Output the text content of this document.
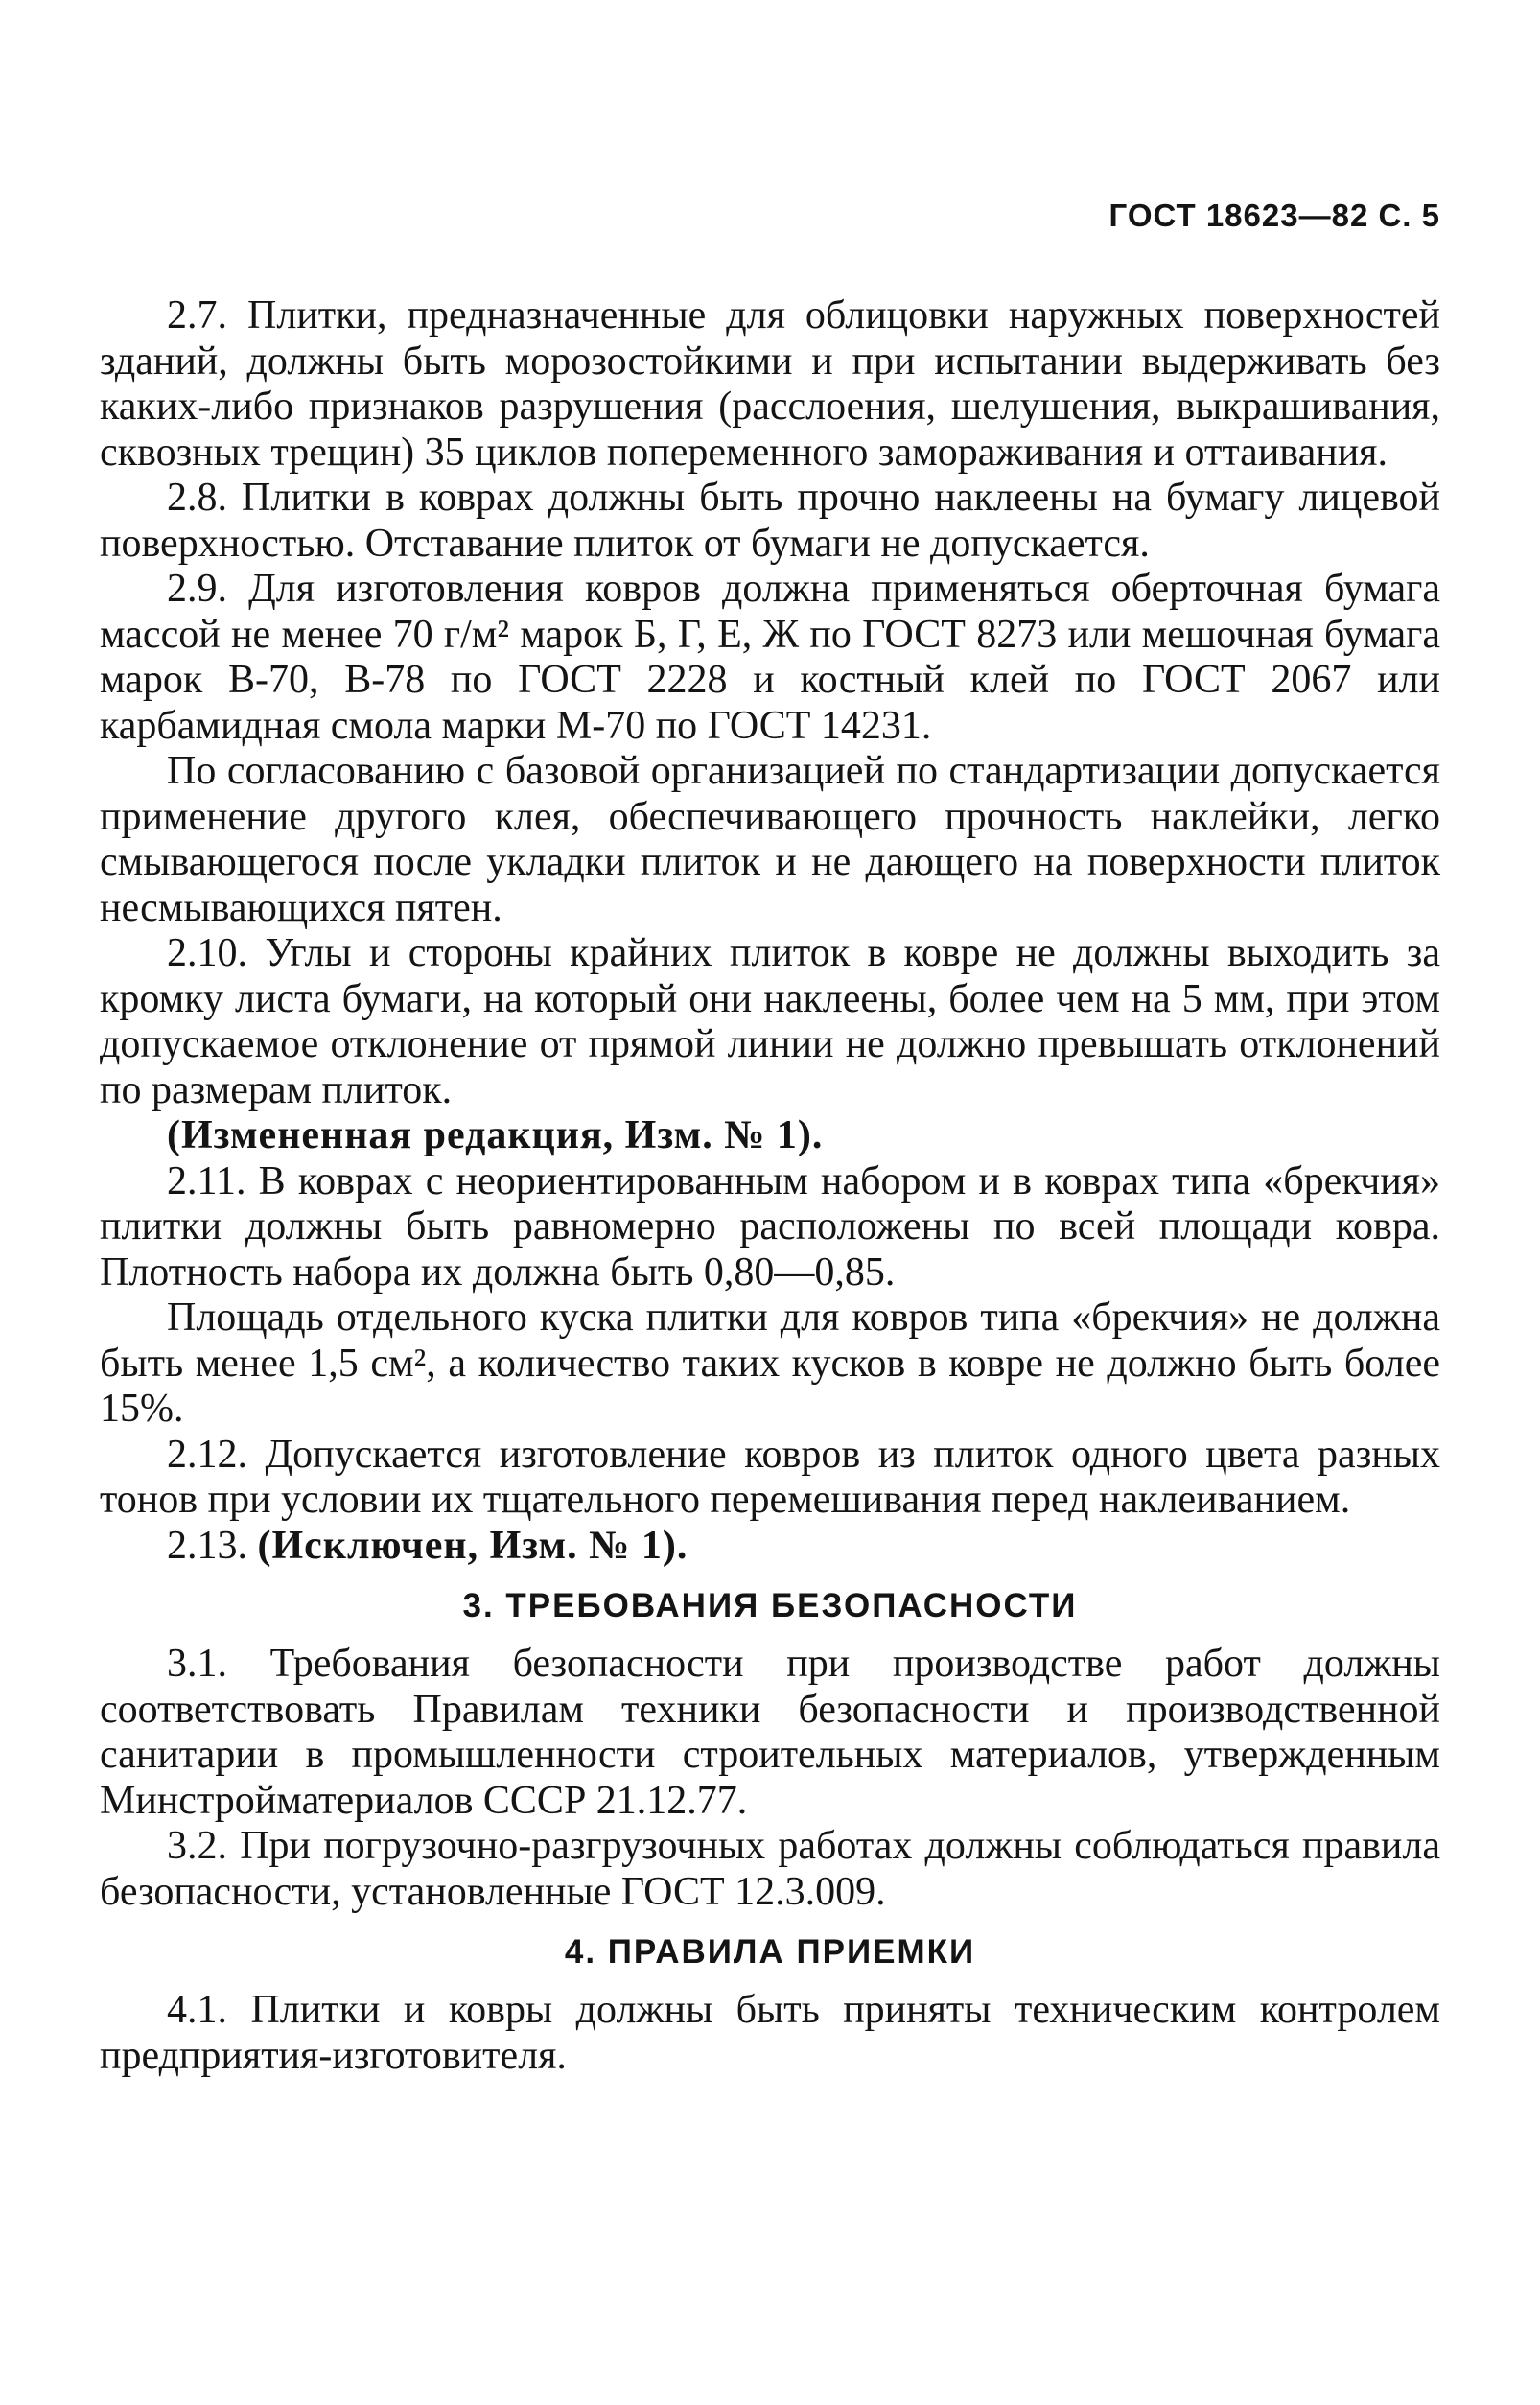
ГОСТ 18623—82 С. 5

2.7. Плитки, предназначенные для облицовки наружных поверхностей зданий, должны быть морозостойкими и при испытании выдерживать без каких-либо признаков разрушения (расслоения, шелушения, выкрашивания, сквозных трещин) 35 циклов попеременного замораживания и оттаивания.

2.8. Плитки в коврах должны быть прочно наклеены на бумагу лицевой поверхностью. Отставание плиток от бумаги не допускается.

2.9. Для изготовления ковров должна применяться оберточная бумага массой не менее 70 г/м² марок Б, Г, Е, Ж по ГОСТ 8273 или мешочная бумага марок В-70, В-78 по ГОСТ 2228 и костный клей по ГОСТ 2067 или карбамидная смола марки М-70 по ГОСТ 14231.

По согласованию с базовой организацией по стандартизации допускается применение другого клея, обеспечивающего прочность наклейки, легко смывающегося после укладки плиток и не дающего на поверхности плиток несмывающихся пятен.

2.10. Углы и стороны крайних плиток в ковре не должны выходить за кромку листа бумаги, на который они наклеены, более чем на 5 мм, при этом допускаемое отклонение от прямой линии не должно превышать отклонений по размерам плиток.

(Измененная редакция, Изм. № 1).

2.11. В коврах с неориентированным набором и в коврах типа «брекчия» плитки должны быть равномерно расположены по всей площади ковра. Плотность набора их должна быть 0,80—0,85.

Площадь отдельного куска плитки для ковров типа «брекчия» не должна быть менее 1,5 см², а количество таких кусков в ковре не должно быть более 15%.

2.12. Допускается изготовление ковров из плиток одного цвета разных тонов при условии их тщательного перемешивания перед наклеиванием.

2.13. (Исключен, Изм. № 1).

3. ТРЕБОВАНИЯ БЕЗОПАСНОСТИ

3.1. Требования безопасности при производстве работ должны соответствовать Правилам техники безопасности и производственной санитарии в промышленности строительных материалов, утвержденным Минстройматериалов СССР 21.12.77.

3.2. При погрузочно-разгрузочных работах должны соблюдаться правила безопасности, установленные ГОСТ 12.3.009.

4. ПРАВИЛА ПРИЕМКИ

4.1. Плитки и ковры должны быть приняты техническим контролем предприятия-изготовителя.
